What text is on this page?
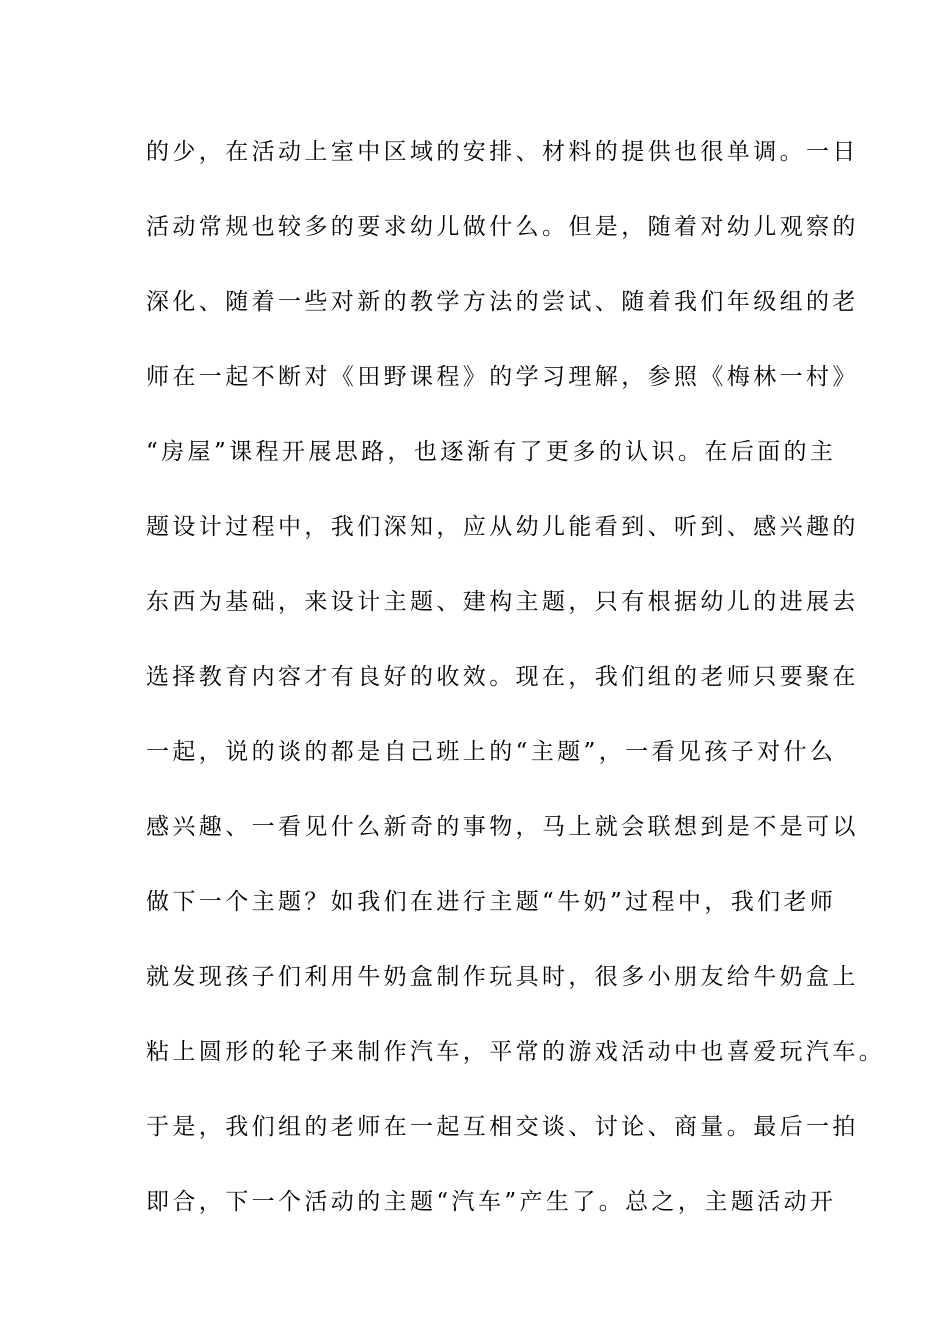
的少，在活动上室中区域的安排、材料的提供也很单调。一日
活动常规也较多的要求幼儿做什么。但是，随着对幼儿观察的
深化、随着一些对新的教学方法的尝试、随着我们年级组的老
师在一起不断对《田野课程》的学习理解，参照《梅林一村》
“房屋”课程开展思路，也逐渐有了更多的认识。在后面的主
题设计过程中，我们深知，应从幼儿能看到、听到、感兴趣的
东西为基础，来设计主题、建构主题，只有根据幼儿的进展去
选择教育内容才有良好的收效。现在，我们组的老师只要聚在
一起，说的谈的都是自己班上的“主题”，一看见孩子对什么
感兴趣、一看见什么新奇的事物，马上就会联想到是不是可以
做下一个主题？如我们在进行主题“牛奶”过程中，我们老师
就发现孩子们利用牛奶盒制作玩具时，很多小朋友给牛奶盒上
粘上圆形的轮子来制作汽车，平常的游戏活动中也喜爱玩汽车。
于是，我们组的老师在一起互相交谈、讨论、商量。最后一拍
即合，下一个活动的主题“汽车”产生了。总之，主题活动开
